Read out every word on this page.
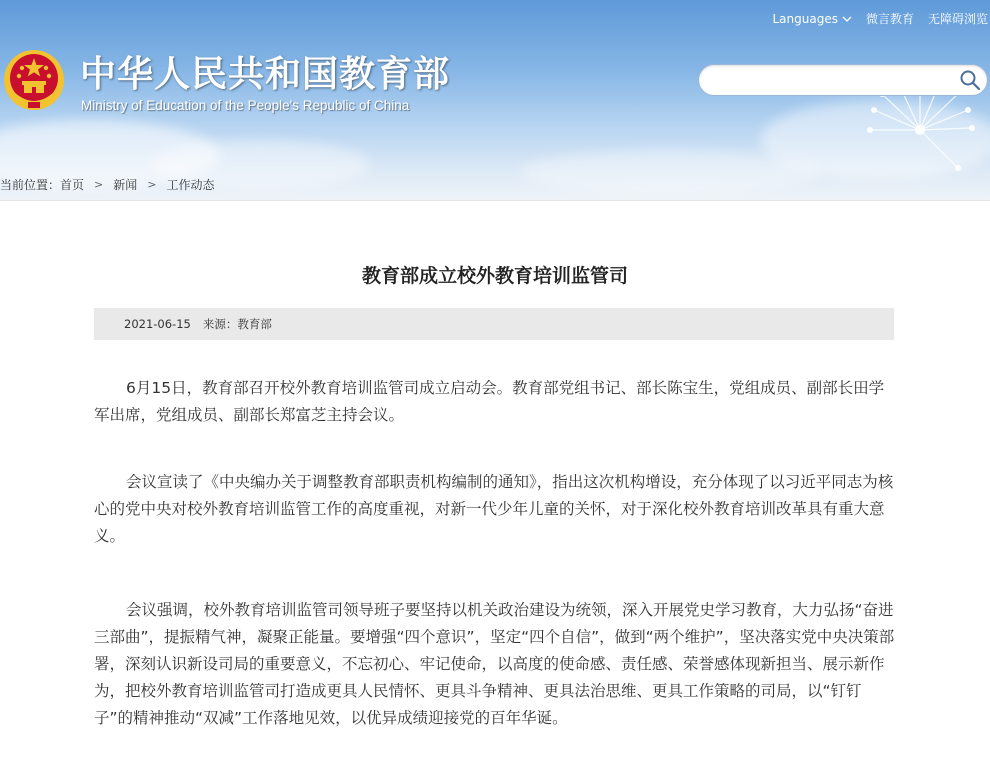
Languages 微言教育 无障碍浏览
中华人民共和国教育部
Ministry of Education of the People's Republic of China
当前位置： 首页 > 新闻 > 工作动态
教育部成立校外教育培训监管司
2021-06-15 来源：教育部

6月15日，教育部召开校外教育培训监管司成立启动会。教育部党组书记、部长陈宝生，党组成员、副部长田学军出席，党组成员、副部长郑富芝主持会议。

会议宣读了《中央编办关于调整教育部职责机构编制的通知》，指出这次机构增设，充分体现了以习近平同志为核心的党中央对校外教育培训监管工作的高度重视，对新一代少年儿童的关怀，对于深化校外教育培训改革具有重大意义。

会议强调，校外教育培训监管司领导班子要坚持以机关政治建设为统领，深入开展党史学习教育，大力弘扬“奋进三部曲”，提振精气神，凝聚正能量。要增强“四个意识”，坚定“四个自信”，做到“两个维护”，坚决落实党中央决策部署，深刻认识新设司局的重要意义，不忘初心、牢记使命，以高度的使命感、责任感、荣誉感体现新担当、展示新作为，把校外教育培训监管司打造成更具人民情怀、更具斗争精神、更具法治思维、更具工作策略的司局，以“钉钉子”的精神推动“双减”工作落地见效，以优异成绩迎接党的百年华诞。
